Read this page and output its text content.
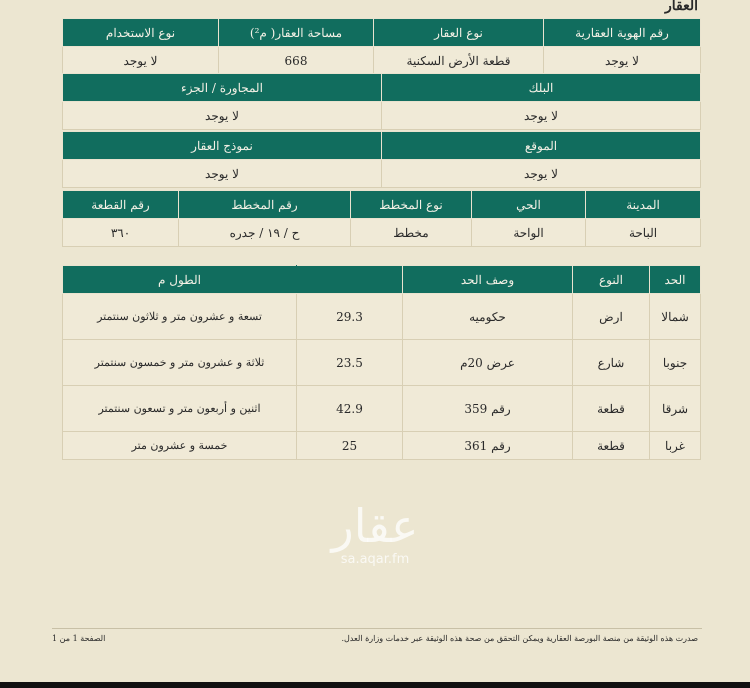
العقار
رقم الهوية العقارية	نوع العقار	مساحة العقار( م²)	نوع الاستخدام
لا يوجد	قطعة الأرض السكنية	668	لا يوجد
البلك	المجاورة / الجزء
لا يوجد	لا يوجد
الموقع	نموذج العقار
لا يوجد	لا يوجد
المدينة	الحي	نوع المخطط	رقم المخطط	رقم القطعة
الباحة	الواحة	مخطط	ح / ١٩ / جدره	٣٦٠
الحد	النوع	وصف الحد		الطول م
شمالا	ارض	حكوميه	29.3	تسعة و عشرون متر و ثلاثون سنتمتر
جنوبا	شارع	عرض 20م	23.5	ثلاثة و عشرون متر و خمسون سنتمتر
شرقا	قطعة	رقم 359	42.9	اثنين و أربعون متر و تسعون سنتمتر
غربا	قطعة	رقم 361	25	خمسة و عشرون متر
عقار
sa.aqar.fm
صدرت هذه الوثيقة من منصة البورصة العقارية ويمكن التحقق من صحة هذه الوثيقة عبر خدمات وزارة العدل.
الصفحة 1 من 1
